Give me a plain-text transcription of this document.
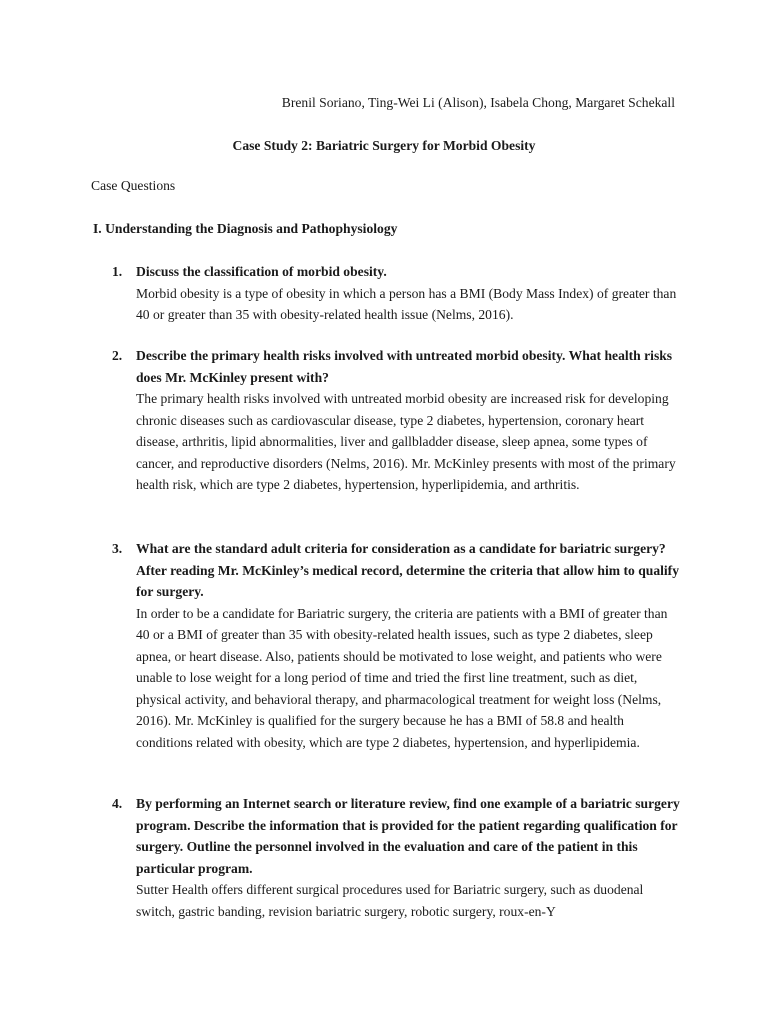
Brenil Soriano, Ting-Wei Li (Alison), Isabela Chong, Margaret Schekall
Case Study 2: Bariatric Surgery for Morbid Obesity
Case Questions
I. Understanding the Diagnosis and Pathophysiology
1. Discuss the classification of morbid obesity.
Morbid obesity is a type of obesity in which a person has a BMI (Body Mass Index) of greater than 40 or greater than 35 with obesity-related health issue (Nelms, 2016).
2. Describe the primary health risks involved with untreated morbid obesity. What health risks does Mr. McKinley present with?
The primary health risks involved with untreated morbid obesity are increased risk for developing chronic diseases such as cardiovascular disease, type 2 diabetes, hypertension, coronary heart disease, arthritis, lipid abnormalities, liver and gallbladder disease, sleep apnea, some types of cancer, and reproductive disorders (Nelms, 2016). Mr. McKinley presents with most of the primary health risk, which are type 2 diabetes, hypertension, hyperlipidemia, and arthritis.
3. What are the standard adult criteria for consideration as a candidate for bariatric surgery? After reading Mr. McKinley’s medical record, determine the criteria that allow him to qualify for surgery.
In order to be a candidate for Bariatric surgery, the criteria are patients with a BMI of greater than 40 or a BMI of greater than 35 with obesity-related health issues, such as type 2 diabetes, sleep apnea, or heart disease. Also, patients should be motivated to lose weight, and patients who were unable to lose weight for a long period of time and tried the first line treatment, such as diet, physical activity, and behavioral therapy, and pharmacological treatment for weight loss (Nelms, 2016). Mr. McKinley is qualified for the surgery because he has a BMI of 58.8 and health conditions related with obesity, which are type 2 diabetes, hypertension, and hyperlipidemia.
4. By performing an Internet search or literature review, find one example of a bariatric surgery program. Describe the information that is provided for the patient regarding qualification for surgery. Outline the personnel involved in the evaluation and care of the patient in this particular program.
Sutter Health offers different surgical procedures used for Bariatric surgery, such as duodenal switch, gastric banding, revision bariatric surgery, robotic surgery, roux-en-Y
